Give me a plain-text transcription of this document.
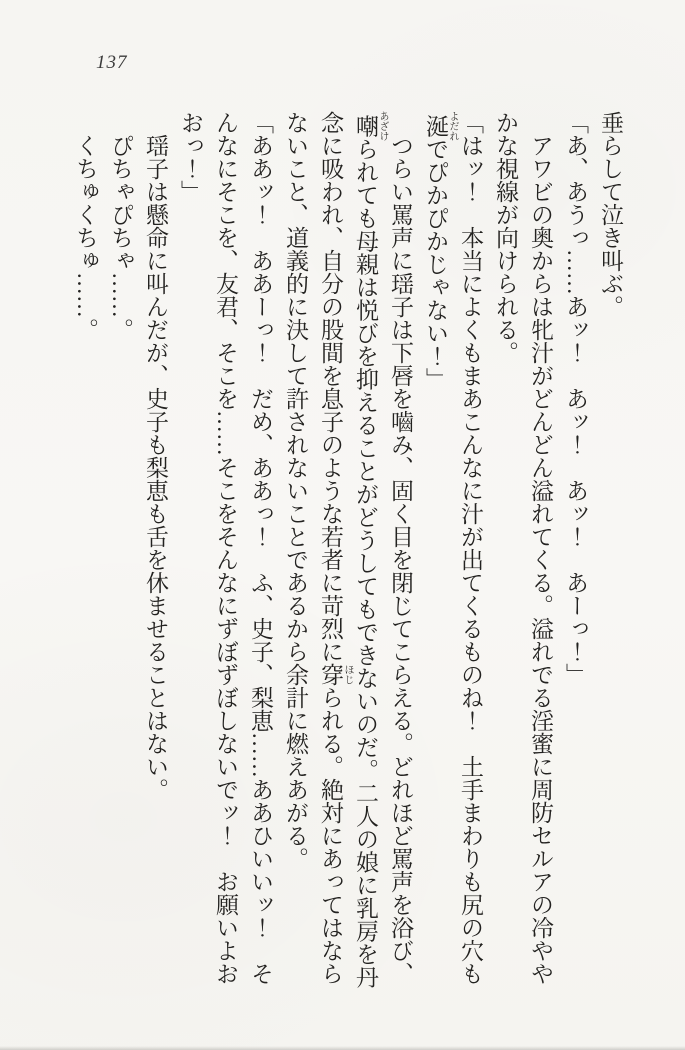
137

垂らして泣き叫ぶ。

「あ、あうっ……あッ！　あッ！　あッ！　あーっ！」

アワビの奥からは牝汁がどんどん溢れてくる。溢れでる淫蜜に周防セルアの冷ややかな視線が向けられる。

「はッ！　本当によくもまあこんなに汁が出てくるものね！　土手まわりも尻の穴も涎 よだれでぴかぴかじゃない！」

つらい罵声に瑶子は下唇を嚙み、固く目を閉じてこらえる。どれほど罵声を浴び、嘲 あざけられても母親は悦びを抑えることがどうしてもできないのだ。二人の娘に乳房を丹念に吸われ、自分の股間を息子のような若者に苛烈に穿 ほじられる。絶対にあってはならないこと、道義的に決して許されないことであるから余計に燃えあがる。

「ああッ！　ああーっ！　だめ、ああっ！　ふ、史子、梨恵……ああひいいッ！　そんなにそこを、友君、そこを……そこをそんなにずぼずぼしないでッ！　お願いよおおっ！」

瑶子は懸命に叫んだが、史子も梨恵も舌を休ませることはない。

ぴちゃぴちゃ……。

くちゅくちゅ……。
